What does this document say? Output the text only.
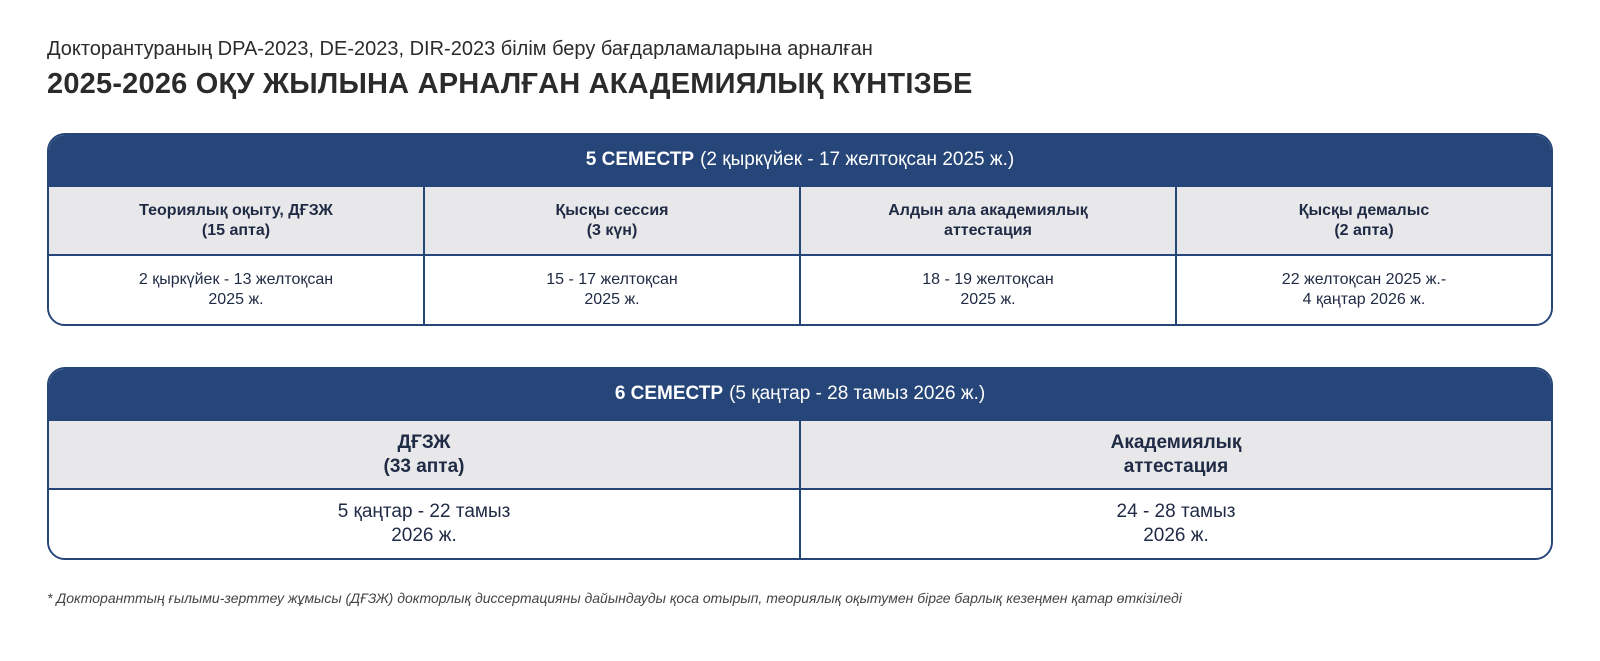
Докторантураның DPA-2023, DE-2023, DIR-2023 білім беру бағдарламаларына арналған
2025-2026 ОҚУ ЖЫЛЫНА АРНАЛҒАН АКАДЕМИЯЛЫҚ КҮНТІЗБЕ
5 СЕМЕСТР (2 қыркүйек - 17 желтоқсан 2025 ж.)
Теориялық оқыту, ДҒЗЖ
(15 апта)
Қысқы сессия
(3 күн)
Алдын ала академиялық
аттестация
Қысқы демалыс
(2 апта)
2 қыркүйек - 13 желтоқсан
2025 ж.
15 - 17 желтоқсан
2025 ж.
18 - 19 желтоқсан
2025 ж.
22 желтоқсан 2025 ж.-
4 қаңтар 2026 ж.
6 СЕМЕСТР (5 қаңтар - 28 тамыз 2026 ж.)
ДҒЗЖ
(33 апта)
Академиялық
аттестация
5 қаңтар - 22 тамыз
2026 ж.
24 - 28 тамыз
2026 ж.
* Докторанттың ғылыми-зерттеу жұмысы (ДҒЗЖ) докторлық диссертацияны дайындауды қоса отырып, теориялық оқытумен бірге барлық кезеңмен қатар өткізіледі
